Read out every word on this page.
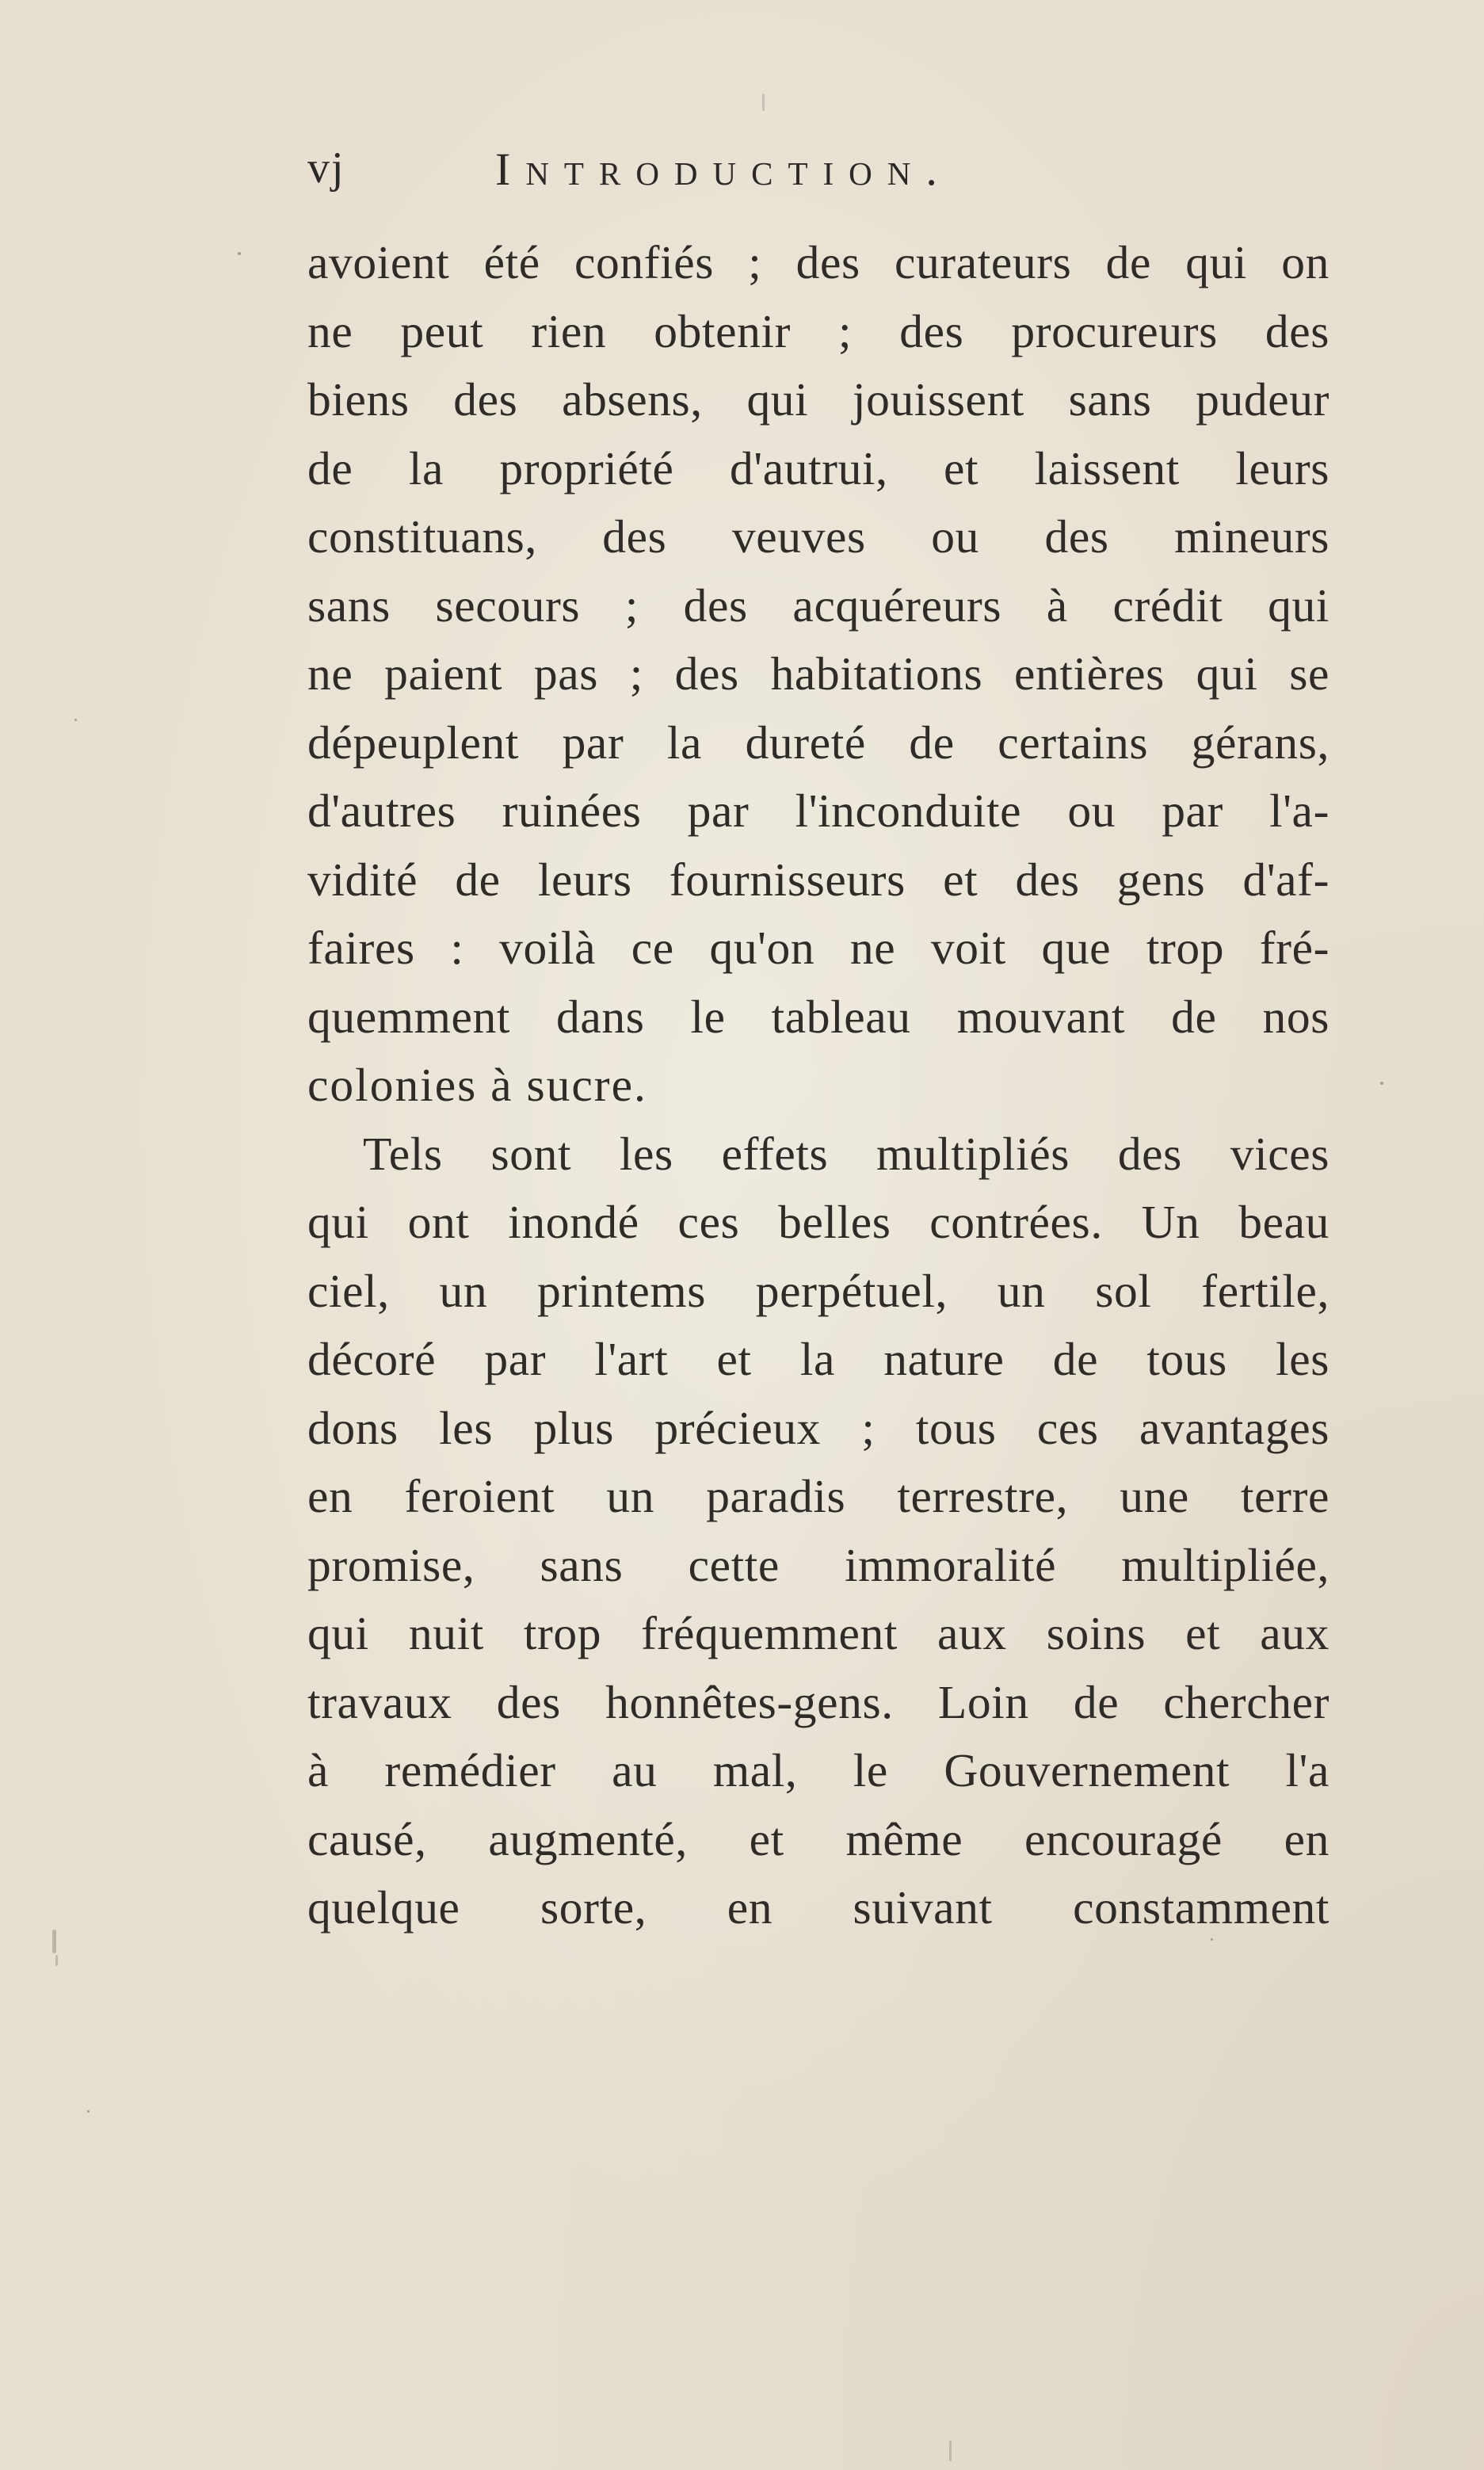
vj	Introduction.
avoient été confiés ; des curateurs de qui on
ne peut rien obtenir ; des procureurs des
biens des absens, qui jouissent sans pudeur
de la propriété d'autrui, et laissent leurs
constituans, des veuves ou des mineurs
sans secours ; des acquéreurs à crédit qui
ne paient pas ; des habitations entières qui se
dépeuplent par la dureté de certains gérans,
d'autres ruinées par l'inconduite ou par l'a-
vidité de leurs fournisseurs et des gens d'af-
faires : voilà ce qu'on ne voit que trop fré-
quemment dans le tableau mouvant de nos
colonies à sucre.
Tels sont les effets multipliés des vices
qui ont inondé ces belles contrées. Un beau
ciel, un printems perpétuel, un sol fertile,
décoré par l'art et la nature de tous les
dons les plus précieux ; tous ces avantages
en feroient un paradis terrestre, une terre
promise, sans cette immoralité multipliée,
qui nuit trop fréquemment aux soins et aux
travaux des honnêtes-gens. Loin de chercher
à remédier au mal, le Gouvernement l'a
causé, augmenté, et même encouragé en
quelque sorte, en suivant constamment
